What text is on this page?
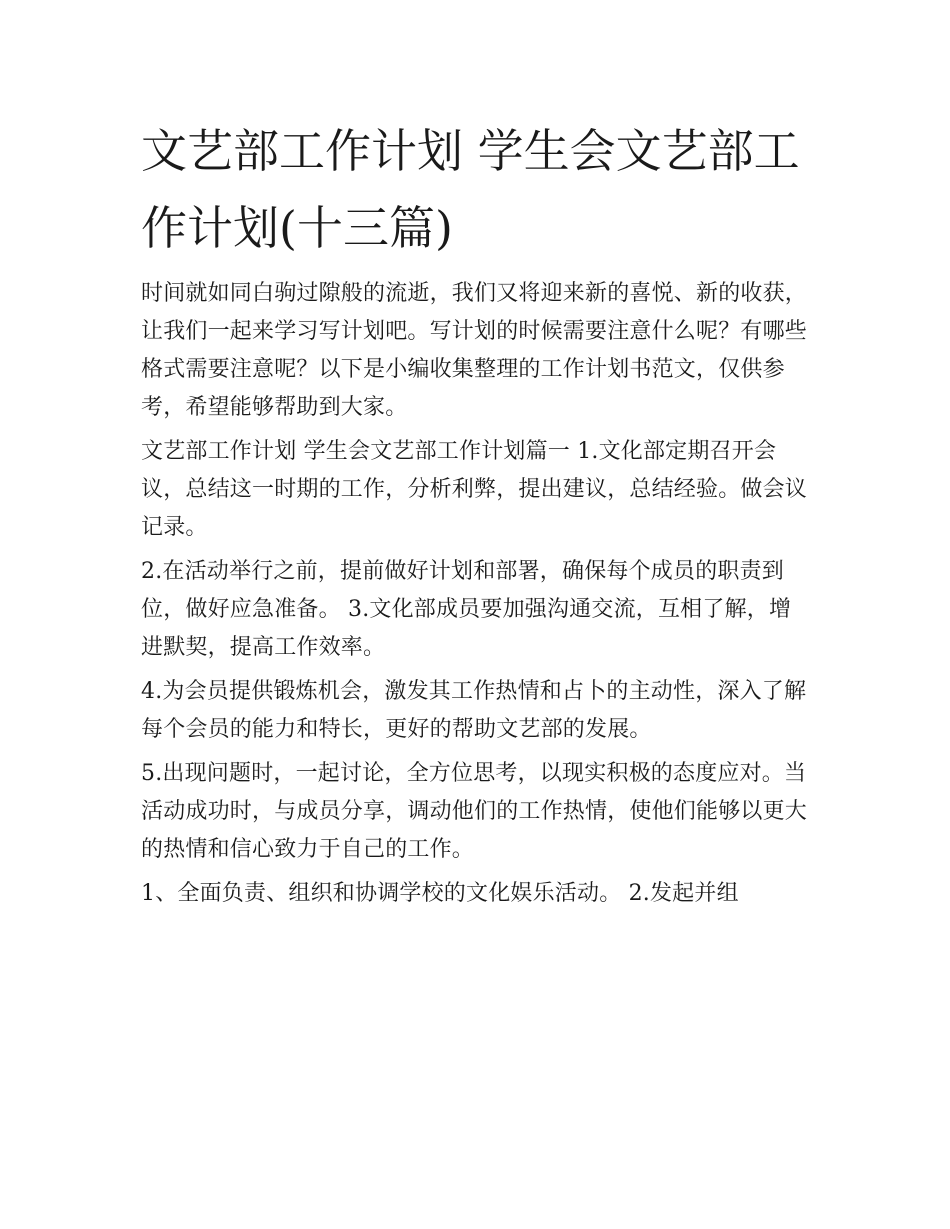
文艺部工作计划 学生会文艺部工作计划(十三篇)

时间就如同白驹过隙般的流逝，我们又将迎来新的喜悦、新的收获，让我们一起来学习写计划吧。写计划的时候需要注意什么呢？有哪些格式需要注意呢？以下是小编收集整理的工作计划书范文，仅供参考，希望能够帮助到大家。

文艺部工作计划 学生会文艺部工作计划篇一 1.文化部定期召开会议，总结这一时期的工作，分析利弊，提出建议，总结经验。做会议记录。

2.在活动举行之前，提前做好计划和部署，确保每个成员的职责到位，做好应急准备。 3.文化部成员要加强沟通交流，互相了解，增进默契，提高工作效率。

4.为会员提供锻炼机会，激发其工作热情和占卜的主动性，深入了解每个会员的能力和特长，更好的帮助文艺部的发展。

5.出现问题时，一起讨论，全方位思考，以现实积极的态度应对。当活动成功时，与成员分享，调动他们的工作热情，使他们能够以更大的热情和信心致力于自己的工作。

1、全面负责、组织和协调学校的文化娱乐活动。 2.发起并组
